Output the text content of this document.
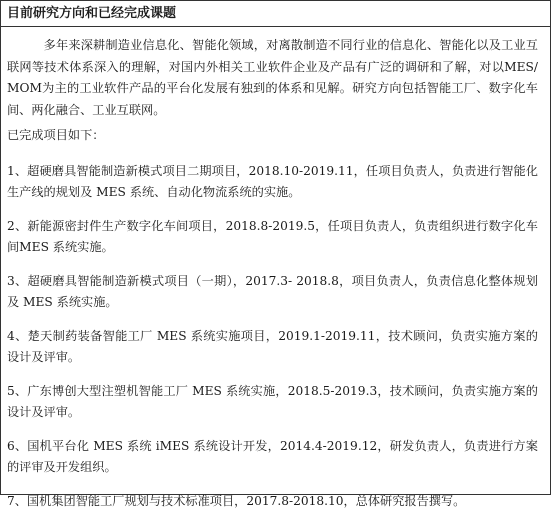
目前研究方向和已经完成课题

多年来深耕制造业信息化、智能化领域，对离散制造不同行业的信息化、智能化以及工业互联网等技术体系深入的理解，对国内外相关工业软件企业及产品有广泛的调研和了解，对以MES/MOM为主的工业软件产品的平台化发展有独到的体系和见解。研究方向包括智能工厂、数字化车间、两化融合、工业互联网。

已完成项目如下：

1、超硬磨具智能制造新模式项目二期项目，2018.10-2019.11，任项目负责人，负责进行智能化生产线的规划及 MES 系统、自动化物流系统的实施。

2、新能源密封件生产数字化车间项目，2018.8-2019.5，任项目负责人，负责组织进行数字化车间MES 系统实施。

3、超硬磨具智能制造新模式项目（一期），2017.3- 2018.8，项目负责人，负责信息化整体规划及 MES 系统实施。

4、楚天制药装备智能工厂 MES 系统实施项目，2019.1-2019.11，技术顾问，负责实施方案的设计及评审。

5、广东博创大型注塑机智能工厂 MES 系统实施，2018.5-2019.3，技术顾问，负责实施方案的设计及评审。

6、国机平台化 MES 系统 iMES 系统设计开发，2014.4-2019.12，研发负责人，负责进行方案的评审及开发组织。

7、国机集团智能工厂规划与技术标准项目，2017.8-2018.10，总体研究报告撰写。
